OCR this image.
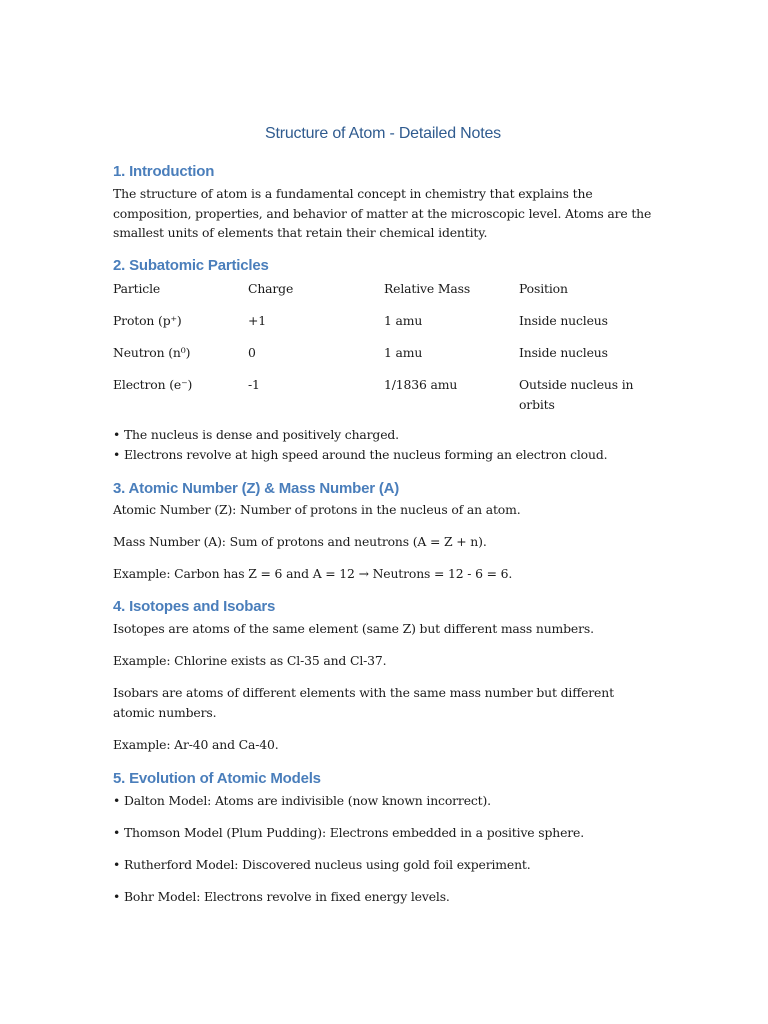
Structure of Atom - Detailed Notes
1. Introduction

The structure of atom is a fundamental concept in chemistry that explains the composition, properties, and behavior of matter at the microscopic level. Atoms are the smallest units of elements that retain their chemical identity.

2. Subatomic Particles
Particle	Charge	Relative Mass	Position
Proton (p⁺)	+1	1 amu	Inside nucleus
Neutron (n⁰)	0	1 amu	Inside nucleus
Electron (e⁻)	-1	1/1836 amu	Outside nucleus in orbits

• The nucleus is dense and positively charged.

• Electrons revolve at high speed around the nucleus forming an electron cloud.

3. Atomic Number (Z) & Mass Number (A)

Atomic Number (Z): Number of protons in the nucleus of an atom.

Mass Number (A): Sum of protons and neutrons (A = Z + n).

Example: Carbon has Z = 6 and A = 12 → Neutrons = 12 - 6 = 6.

4. Isotopes and Isobars

Isotopes are atoms of the same element (same Z) but different mass numbers.

Example: Chlorine exists as Cl-35 and Cl-37.

Isobars are atoms of different elements with the same mass number but different atomic numbers.

Example: Ar-40 and Ca-40.

5. Evolution of Atomic Models

• Dalton Model: Atoms are indivisible (now known incorrect).

• Thomson Model (Plum Pudding): Electrons embedded in a positive sphere.

• Rutherford Model: Discovered nucleus using gold foil experiment.

• Bohr Model: Electrons revolve in fixed energy levels.
